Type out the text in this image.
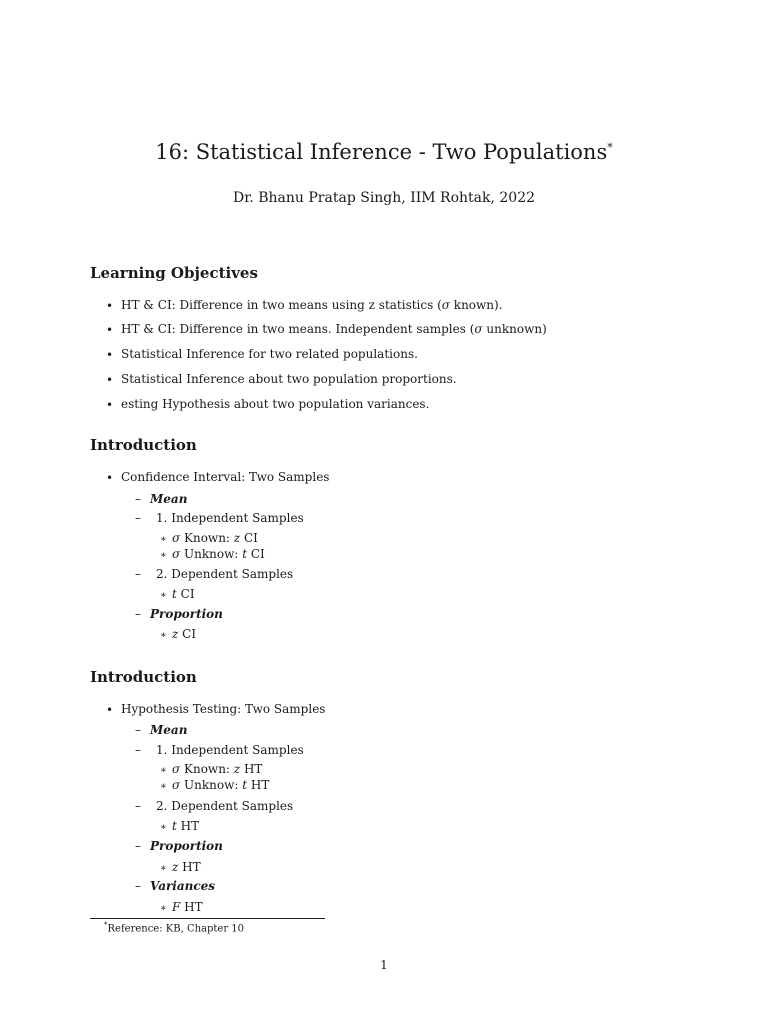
16: Statistical Inference - Two Populations*
Dr. Bhanu Pratap Singh, IIM Rohtak, 2022
Learning Objectives
• HT & CI: Difference in two means using z statistics (σ known).
• HT & CI: Difference in two means. Independent samples (σ unknown)
• Statistical Inference for two related populations.
• Statistical Inference about two population proportions.
• esting Hypothesis about two population variances.
Introduction
• Confidence Interval: Two Samples
– Mean
– 1. Independent Samples
∗ σ Known: z CI
∗ σ Unknow: t CI
– 2. Dependent Samples
∗ t CI
– Proportion
∗ z CI
Introduction
• Hypothesis Testing: Two Samples
– Mean
– 1. Independent Samples
∗ σ Known: z HT
∗ σ Unknow: t HT
– 2. Dependent Samples
∗ t HT
– Proportion
∗ z HT
– Variances
∗ F HT
*Reference: KB, Chapter 10
1
